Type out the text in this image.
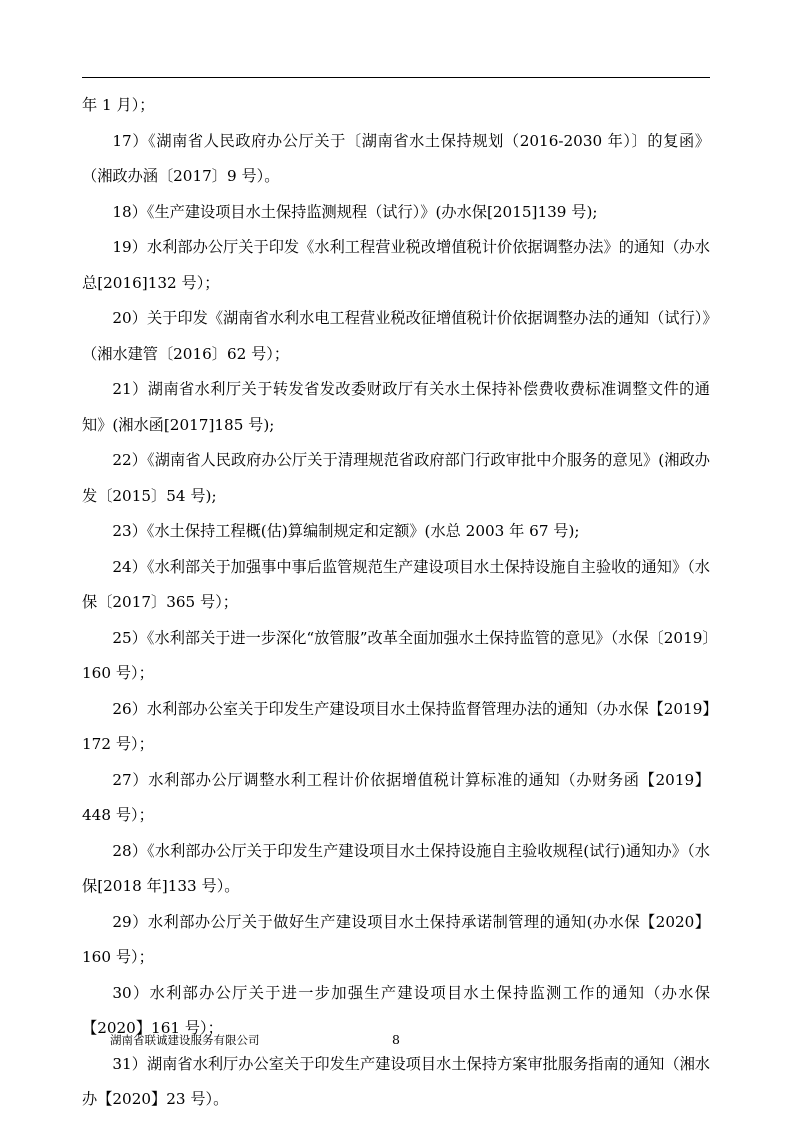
年 1 月）；

17）《湖南省人民政府办公厅关于〔湖南省水土保持规划（2016-2030 年）〕的复函》（湘政办涵〔2017〕9 号）。

18）《生产建设项目水土保持监测规程（试行）》(办水保[2015]139 号);

19）水利部办公厅关于印发《水利工程营业税改增值税计价依据调整办法》的通知（办水总[2016]132 号）；

20）关于印发《湖南省水利水电工程营业税改征增值税计价依据调整办法的通知（试行）》（湘水建管〔2016〕62 号）；

21）湖南省水利厅关于转发省发改委财政厅有关水土保持补偿费收费标准调整文件的通知》(湘水函[2017]185 号);

22）《湖南省人民政府办公厅关于清理规范省政府部门行政审批中介服务的意见》(湘政办发〔2015〕54 号);

23）《水土保持工程概(估)算编制规定和定额》(水总 2003 年 67 号);

24）《水利部关于加强事中事后监管规范生产建设项目水土保持设施自主验收的通知》（水保〔2017〕365 号）；

25）《水利部关于进一步深化“放管服”改革全面加强水土保持监管的意见》（水保〔2019〕160 号）；

26）水利部办公室关于印发生产建设项目水土保持监督管理办法的通知（办水保【2019】172 号）；

27）水利部办公厅调整水利工程计价依据增值税计算标准的通知（办财务函【2019】448 号）；

28）《水利部办公厅关于印发生产建设项目水土保持设施自主验收规程(试行)通知办》（水保[2018 年]133 号）。

29）水利部办公厅关于做好生产建设项目水土保持承诺制管理的通知(办水保【2020】160 号）；

30）水利部办公厅关于进一步加强生产建设项目水土保持监测工作的通知（办水保【2020】161 号）；

31）湖南省水利厅办公室关于印发生产建设项目水土保持方案审批服务指南的通知（湘水办【2020】23 号）。

湖南省联诚建设服务有限公司	8
